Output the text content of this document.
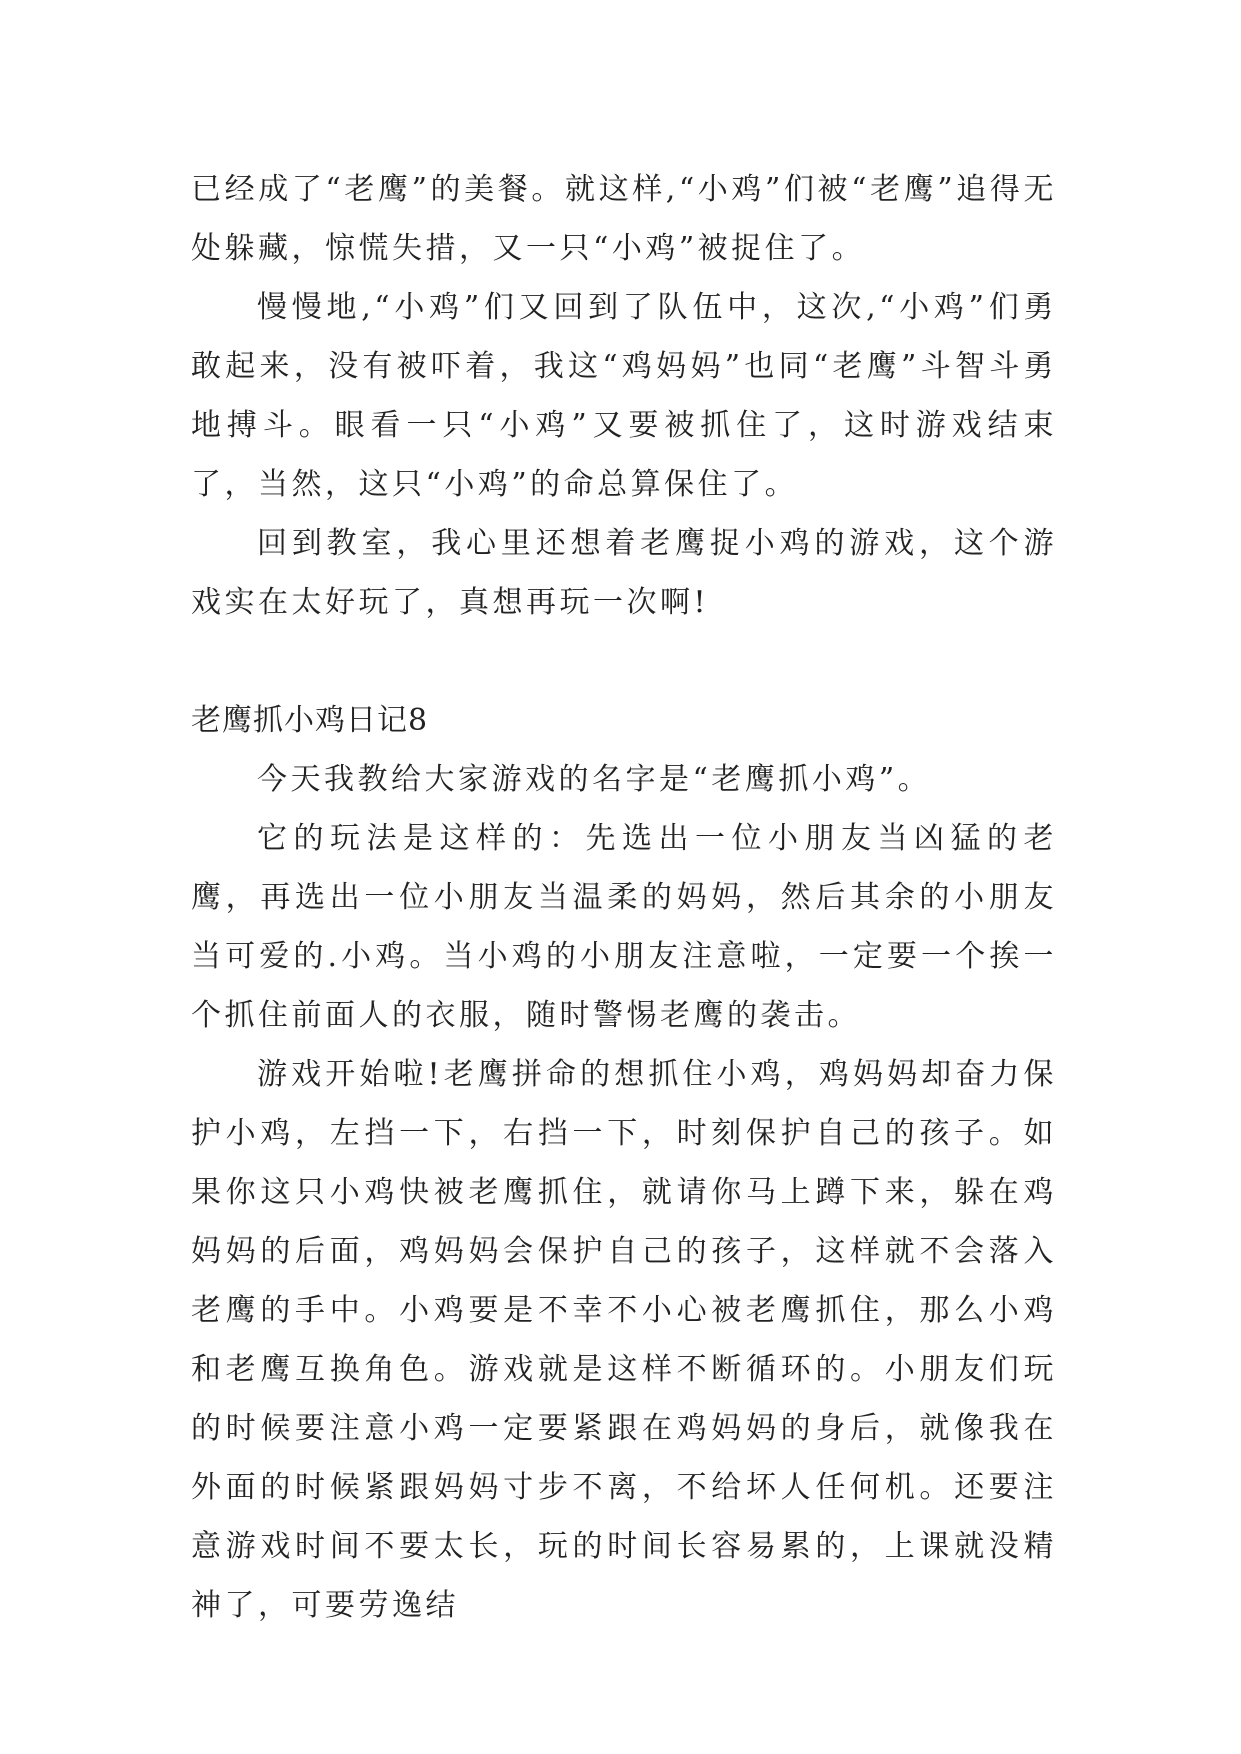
已经成了“老鹰”的美餐。就这样,“小鸡”们被“老鹰”追得无处躲藏，惊慌失措，又一只“小鸡”被捉住了。

慢慢地,“小鸡”们又回到了队伍中，这次,“小鸡”们勇敢起来，没有被吓着，我这“鸡妈妈”也同“老鹰”斗智斗勇地搏斗。眼看一只“小鸡”又要被抓住了，这时游戏结束了，当然，这只“小鸡”的命总算保住了。

回到教室，我心里还想着老鹰捉小鸡的游戏，这个游戏实在太好玩了，真想再玩一次啊!

老鹰抓小鸡日记8

今天我教给大家游戏的名字是“老鹰抓小鸡”。

它的玩法是这样的：先选出一位小朋友当凶猛的老鹰，再选出一位小朋友当温柔的妈妈，然后其余的小朋友当可爱的.小鸡。当小鸡的小朋友注意啦，一定要一个挨一个抓住前面人的衣服，随时警惕老鹰的袭击。

游戏开始啦!老鹰拼命的想抓住小鸡，鸡妈妈却奋力保护小鸡，左挡一下，右挡一下，时刻保护自己的孩子。如果你这只小鸡快被老鹰抓住，就请你马上蹲下来，躲在鸡妈妈的后面，鸡妈妈会保护自己的孩子，这样就不会落入老鹰的手中。小鸡要是不幸不小心被老鹰抓住，那么小鸡和老鹰互换角色。游戏就是这样不断循环的。小朋友们玩的时候要注意小鸡一定要紧跟在鸡妈妈的身后，就像我在外面的时候紧跟妈妈寸步不离，不给坏人任何机。还要注意游戏时间不要太长，玩的时间长容易累的，上课就没精神了，可要劳逸结
